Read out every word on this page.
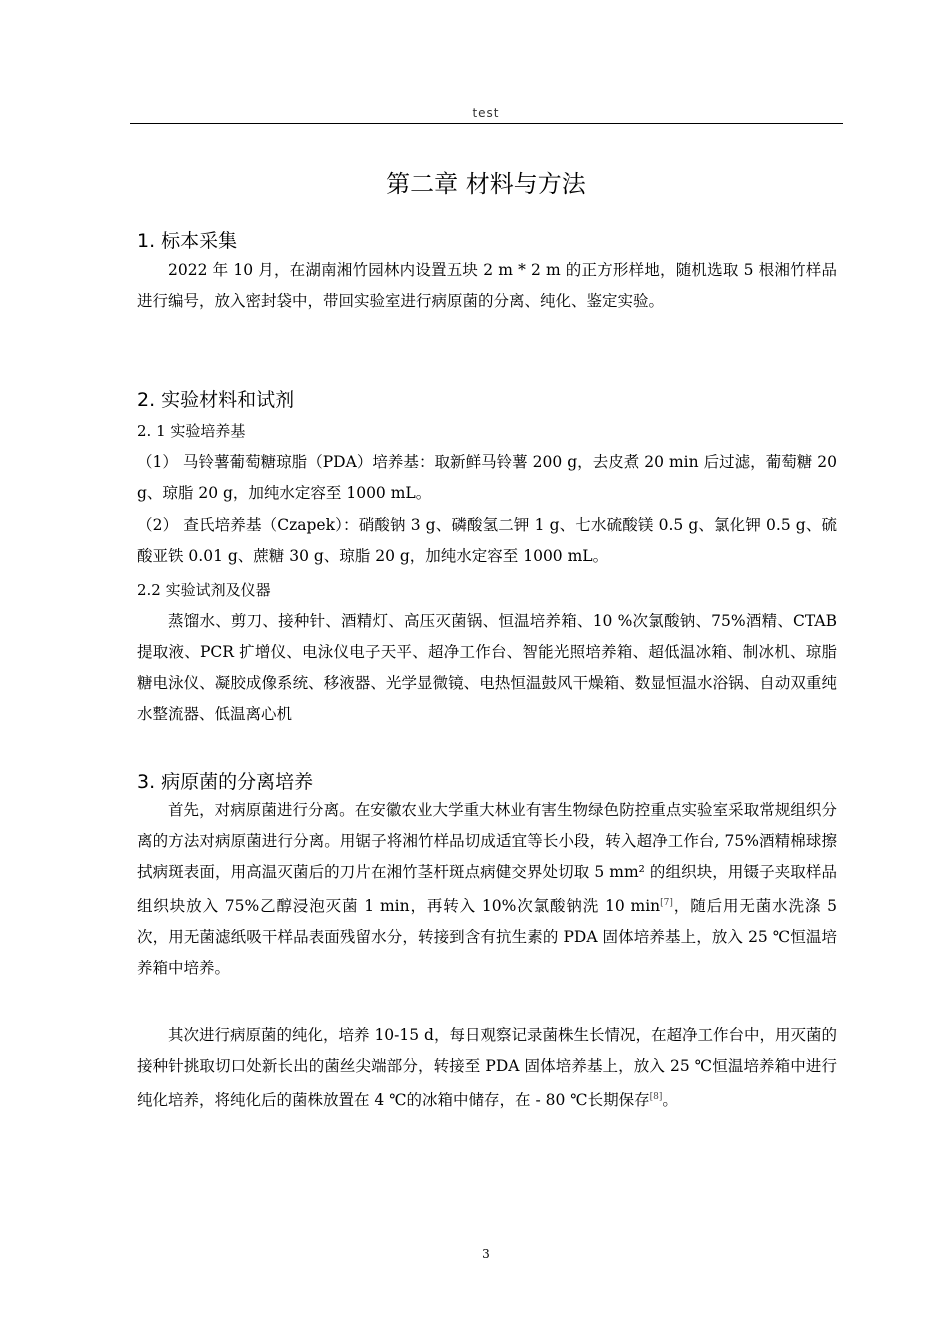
test
第二章 材料与方法
1. 标本采集

2022 年 10 月，在湖南湘竹园林内设置五块 2 m * 2 m 的正方形样地，随机选取 5 根湘竹样品进行编号，放入密封袋中，带回实验室进行病原菌的分离、纯化、鉴定实验。

2. 实验材料和试剂
2. 1 实验培养基

（1） 马铃薯葡萄糖琼脂（PDA）培养基：取新鲜马铃薯 200 g，去皮煮 20 min 后过滤，葡萄糖 20 g、琼脂 20 g，加纯水定容至 1000 mL。

（2） 查氏培养基（Czapek）：硝酸钠 3 g、磷酸氢二钾 1 g、七水硫酸镁 0.5 g、氯化钾 0.5 g、硫酸亚铁 0.01 g、蔗糖 30 g、琼脂 20 g，加纯水定容至 1000 mL。

2.2 实验试剂及仪器

蒸馏水、剪刀、接种针、酒精灯、高压灭菌锅、恒温培养箱、10 %次氯酸钠、75%酒精、CTAB 提取液、PCR 扩增仪、电泳仪电子天平、超净工作台、智能光照培养箱、超低温冰箱、制冰机、琼脂糖电泳仪、凝胶成像系统、移液器、光学显微镜、电热恒温鼓风干燥箱、数显恒温水浴锅、自动双重纯水整流器、低温离心机

3. 病原菌的分离培养

首先，对病原菌进行分离。在安徽农业大学重大林业有害生物绿色防控重点实验室采取常规组织分离的方法对病原菌进行分离。用锯子将湘竹样品切成适宜等长小段，转入超净工作台, 75%酒精棉球擦拭病斑表面，用高温灭菌后的刀片在湘竹茎杆斑点病健交界处切取 5 mm² 的组织块，用镊子夹取样品组织块放入 75%乙醇浸泡灭菌 1 min，再转入 10%次氯酸钠洗 10 min[7]，随后用无菌水洗涤 5 次，用无菌滤纸吸干样品表面残留水分，转接到含有抗生素的 PDA 固体培养基上，放入 25 ℃恒温培养箱中培养。

其次进行病原菌的纯化，培养 10-15 d，每日观察记录菌株生长情况，在超净工作台中，用灭菌的接种针挑取切口处新长出的菌丝尖端部分，转接至 PDA 固体培养基上，放入 25 ℃恒温培养箱中进行纯化培养，将纯化后的菌株放置在 4 ℃的冰箱中储存，在 - 80 ℃长期保存[8]。

3
